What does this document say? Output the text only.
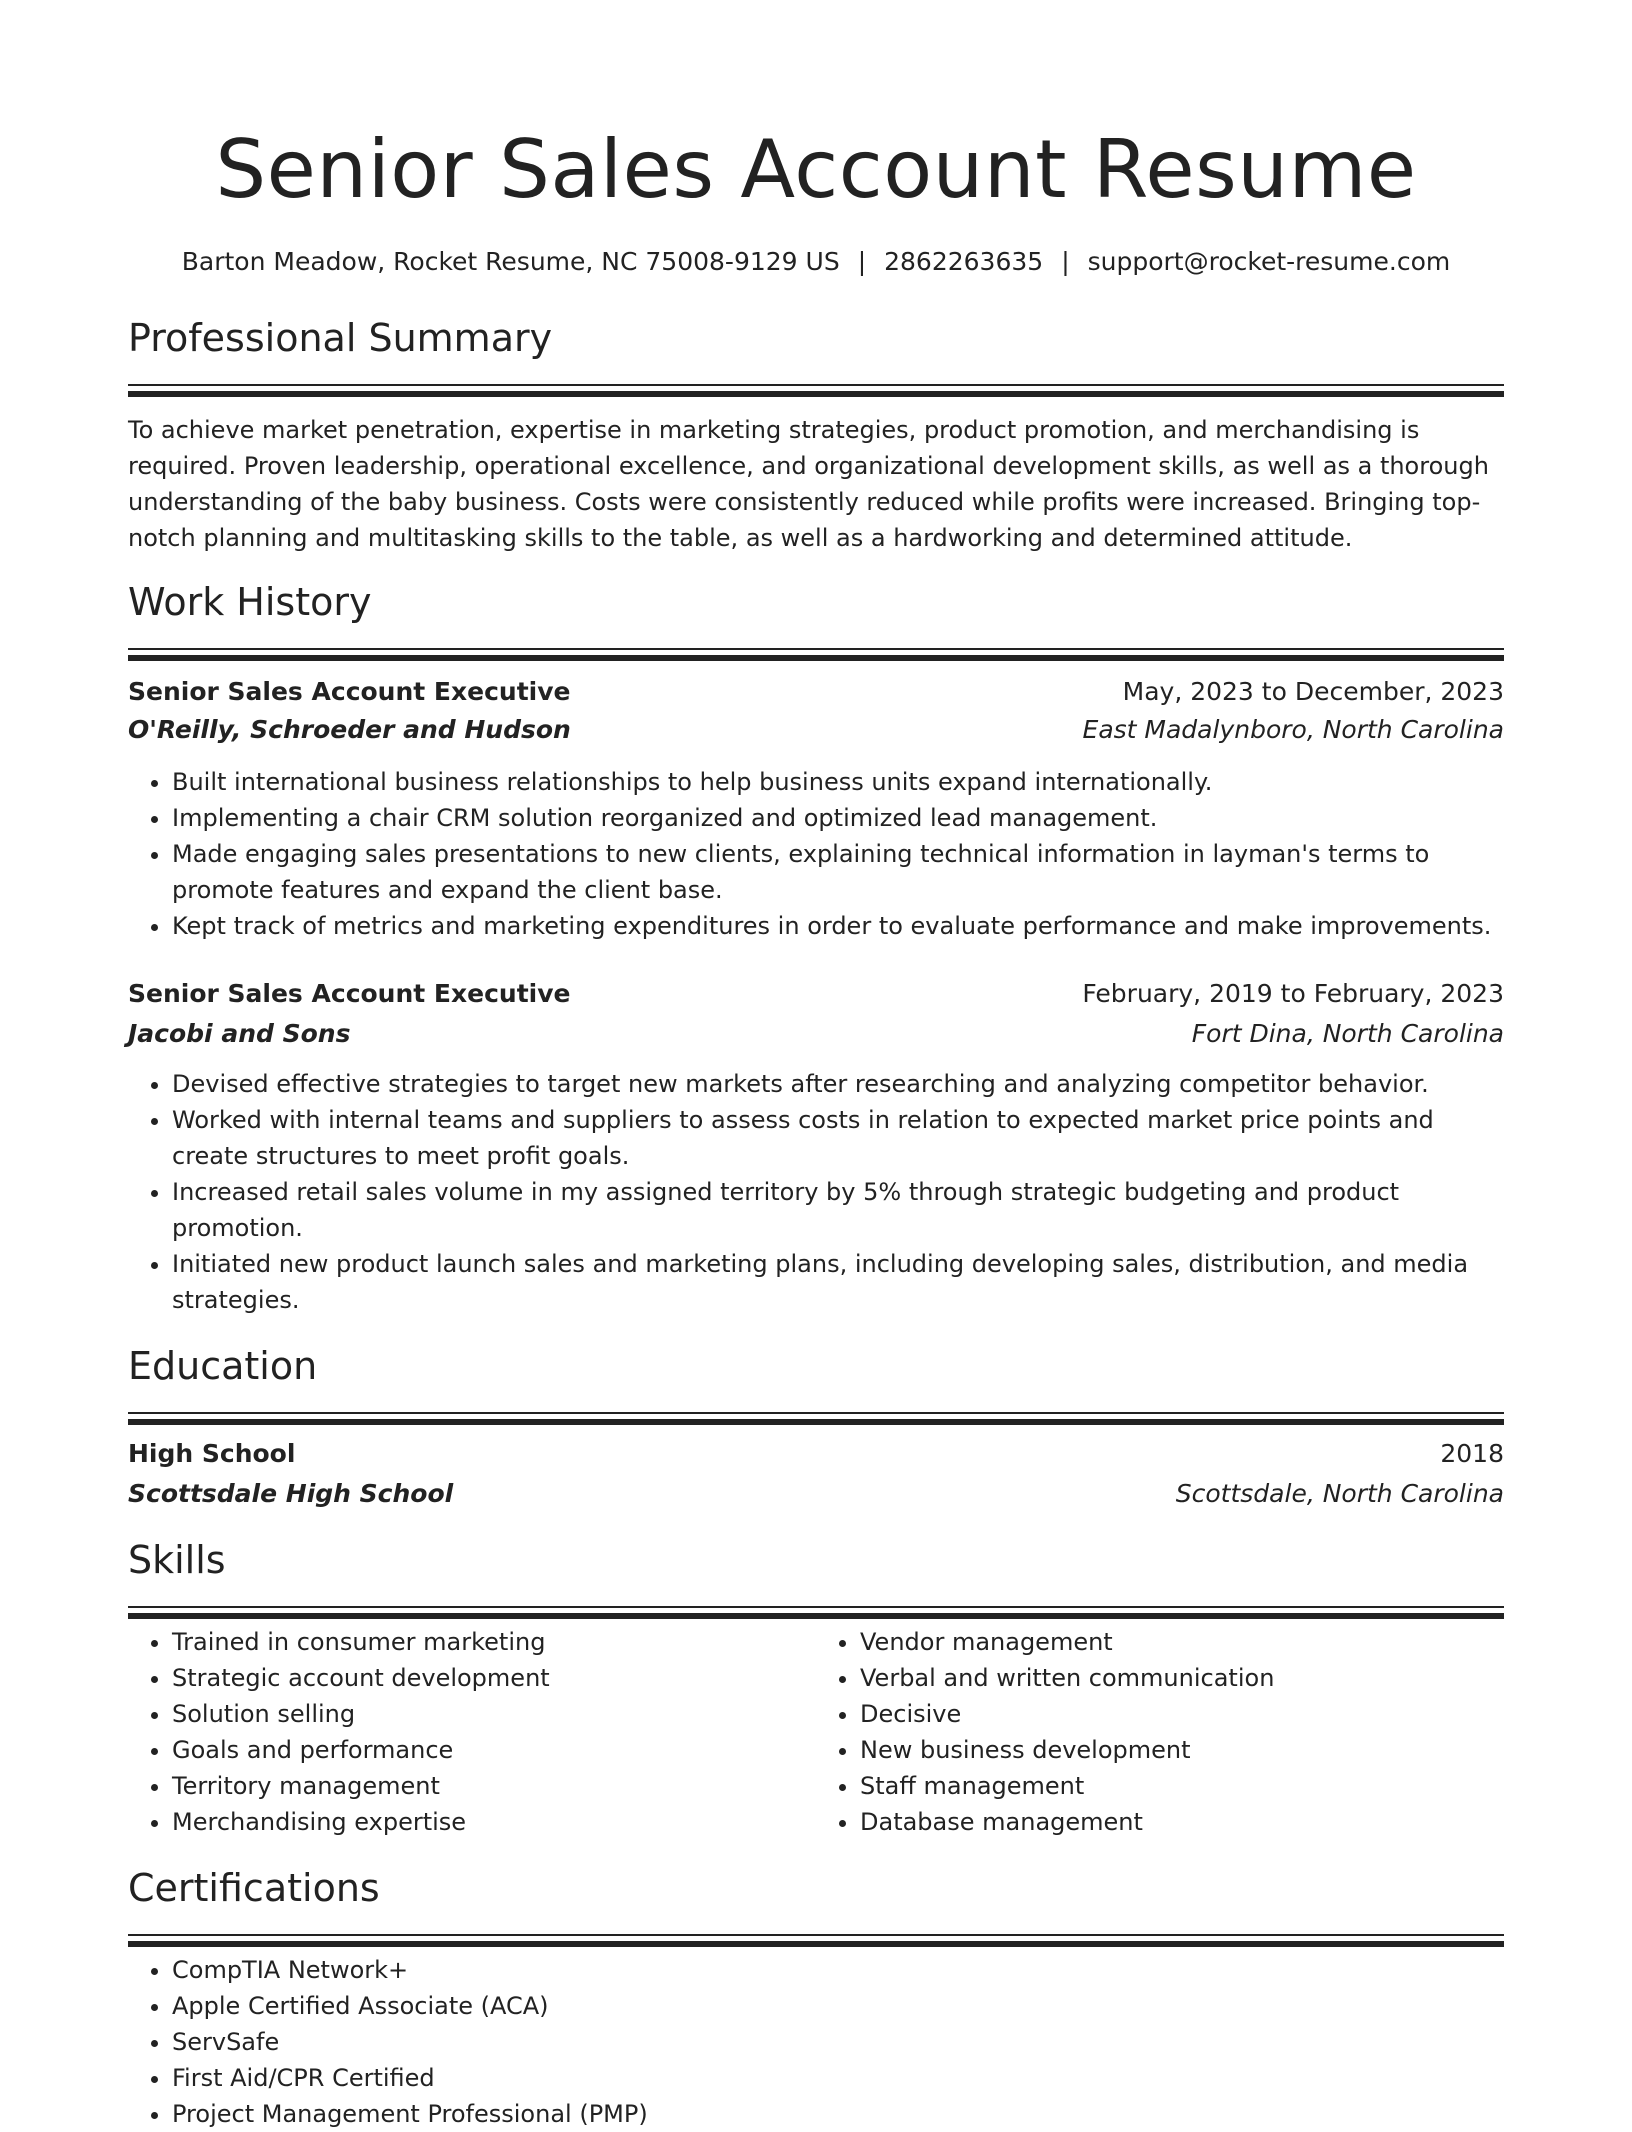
Senior Sales Account Resume
Barton Meadow, Rocket Resume, NC 75008-9129 US | 2862263635 | support@rocket-resume.com
Professional Summary

To achieve market penetration, expertise in marketing strategies, product promotion, and merchandising is required. Proven leadership, operational excellence, and organizational development skills, as well as a thorough understanding of the baby business. Costs were consistently reduced while profits were increased. Bringing top-notch planning and multitasking skills to the table, as well as a hardworking and determined attitude.

Work History
Senior Sales Account Executive	May, 2023 to December, 2023
O'Reilly, Schroeder and Hudson	East Madalynboro, North Carolina
• Built international business relationships to help business units expand internationally.
• Implementing a chair CRM solution reorganized and optimized lead management.
• Made engaging sales presentations to new clients, explaining technical information in layman's terms to promote features and expand the client base.
• Kept track of metrics and marketing expenditures in order to evaluate performance and make improvements.
Senior Sales Account Executive	February, 2019 to February, 2023
Jacobi and Sons	Fort Dina, North Carolina
• Devised effective strategies to target new markets after researching and analyzing competitor behavior.
• Worked with internal teams and suppliers to assess costs in relation to expected market price points and create structures to meet profit goals.
• Increased retail sales volume in my assigned territory by 5% through strategic budgeting and product promotion.
• Initiated new product launch sales and marketing plans, including developing sales, distribution, and media strategies.
Education
High School	2018
Scottsdale High School	Scottsdale, North Carolina
Skills
• Trained in consumer marketing
• Strategic account development
• Solution selling
• Goals and performance
• Territory management
• Merchandising expertise
• Vendor management
• Verbal and written communication
• Decisive
• New business development
• Staff management
• Database management
Certifications
• CompTIA Network+
• Apple Certified Associate (ACA)
• ServSafe
• First Aid/CPR Certified
• Project Management Professional (PMP)
